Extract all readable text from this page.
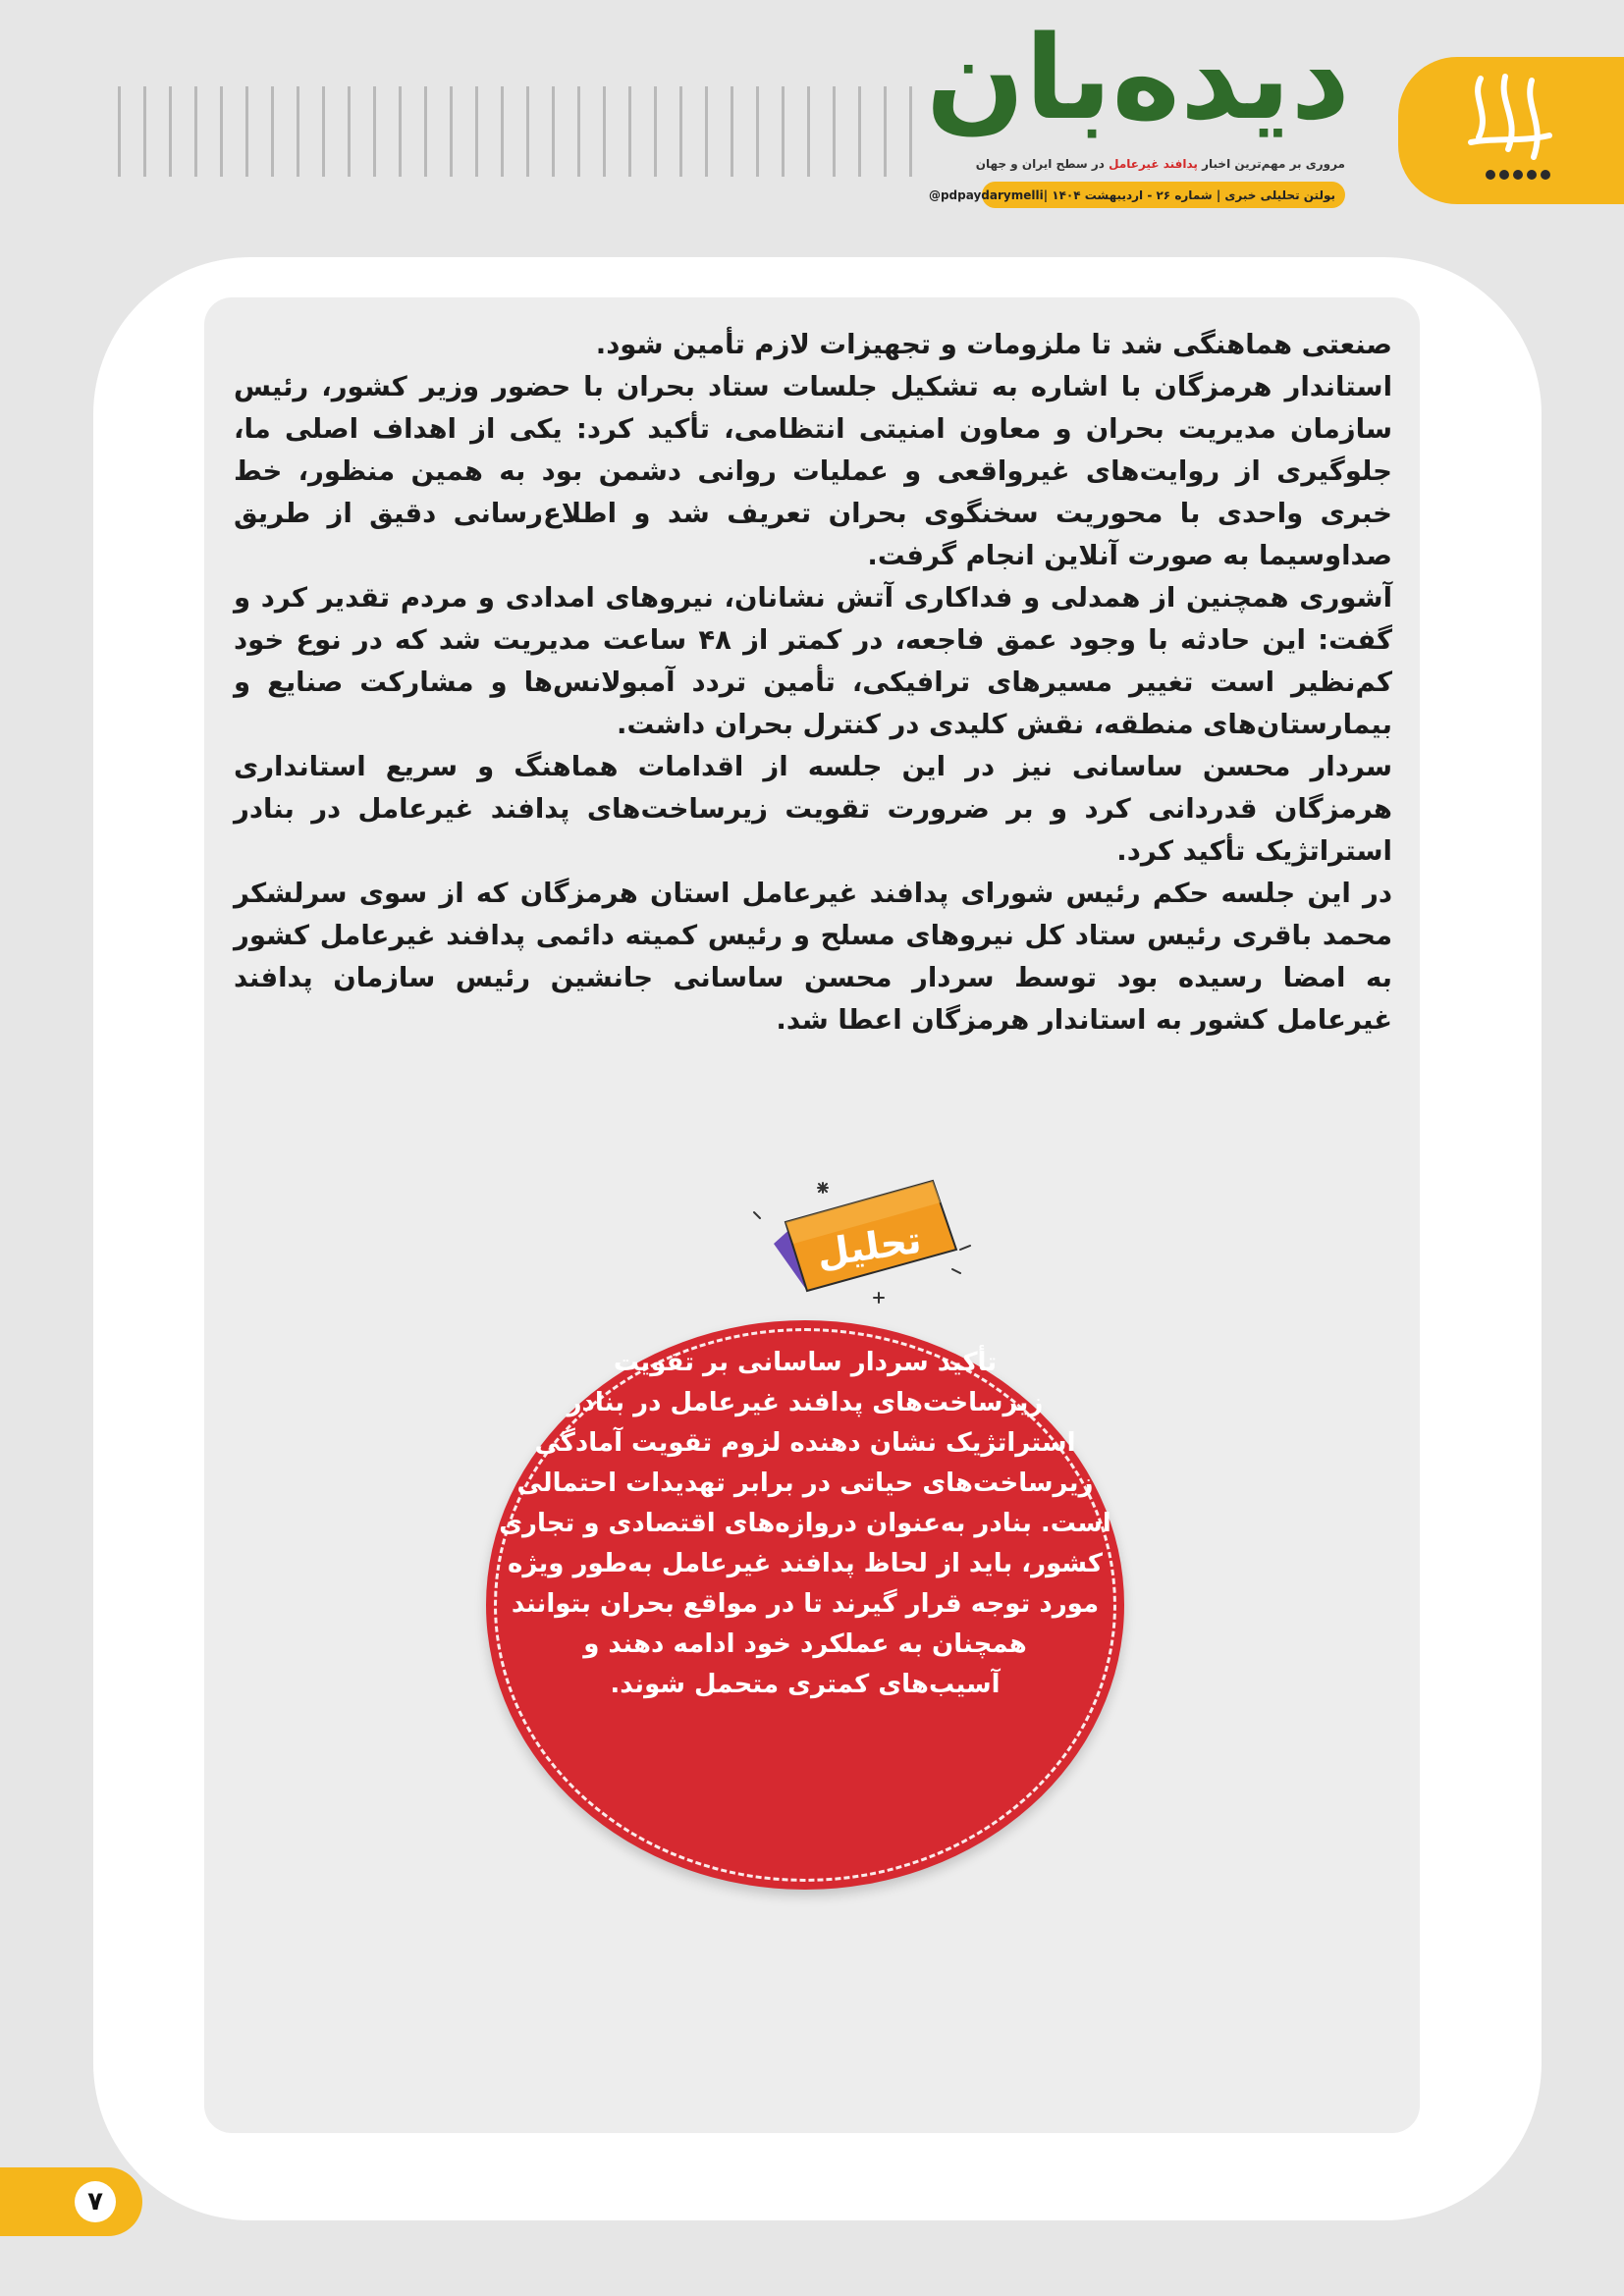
دیده‌بان
مروری بر مهم‌ترین اخبار پدافند غیرعامل در سطح ایران و جهان
بولتن تحلیلی خبری | شماره ۲۶ - اردیبهشت ۱۴۰۴ |
@pdpaydarymelli

صنعتی هماهنگی شد تا ملزومات و تجهیزات لازم تأمین شود.

استاندار هرمزگان با اشاره به تشکیل جلسات ستاد بحران با حضور وزیر کشور، رئیس سازمان مدیریت بحران و معاون امنیتی انتظامی، تأکید کرد: یکی از اهداف اصلی ما، جلوگیری از روایت‌های غیرواقعی و عملیات روانی دشمن بود به همین منظور، خط خبری واحدی با محوریت سخنگوی بحران تعریف شد و اطلاع‌رسانی دقیق از طریق صداوسیما به صورت آنلاین انجام گرفت.

آشوری همچنین از همدلی و فداکاری آتش نشانان، نیروهای امدادی و مردم تقدیر کرد و گفت: این حادثه با وجود عمق فاجعه، در کمتر از ۴۸ ساعت مدیریت شد که در نوع خود کم‌نظیر است تغییر مسیرهای ترافیکی، تأمین تردد آمبولانس‌ها و مشارکت صنایع و بیمارستان‌های منطقه، نقش کلیدی در کنترل بحران داشت.

سردار محسن ساسانی نیز در این جلسه از اقدامات هماهنگ و سریع استانداری هرمزگان قدردانی کرد و بر ضرورت تقویت زیرساخت‌های پدافند غیرعامل در بنادر استراتژیک تأکید کرد.

در این جلسه حکم رئیس شورای پدافند غیرعامل استان هرمزگان که از سوی سرلشکر محمد باقری رئیس ستاد کل نیروهای مسلح و رئیس کمیته دائمی پدافند غیرعامل کشور به امضا رسیده بود توسط سردار محسن ساسانی جانشین رئیس سازمان پدافند غیرعامل کشور به استاندار هرمزگان اعطا شد.

تحلیل
تأکید سردار ساسانی بر تقویت
زیرساخت‌های پدافند غیرعامل در بنادر
استراتژیک نشان دهنده لزوم تقویت آمادگی
زیرساخت‌های حیاتی در برابر تهدیدات احتمالی
است. بنادر به‌عنوان دروازه‌های اقتصادی و تجاری
کشور، باید از لحاظ پدافند غیرعامل به‌طور ویژه
مورد توجه قرار گیرند تا در مواقع بحران بتوانند
همچنان به عملکرد خود ادامه دهند و
آسیب‌های کمتری متحمل شوند.
۷
